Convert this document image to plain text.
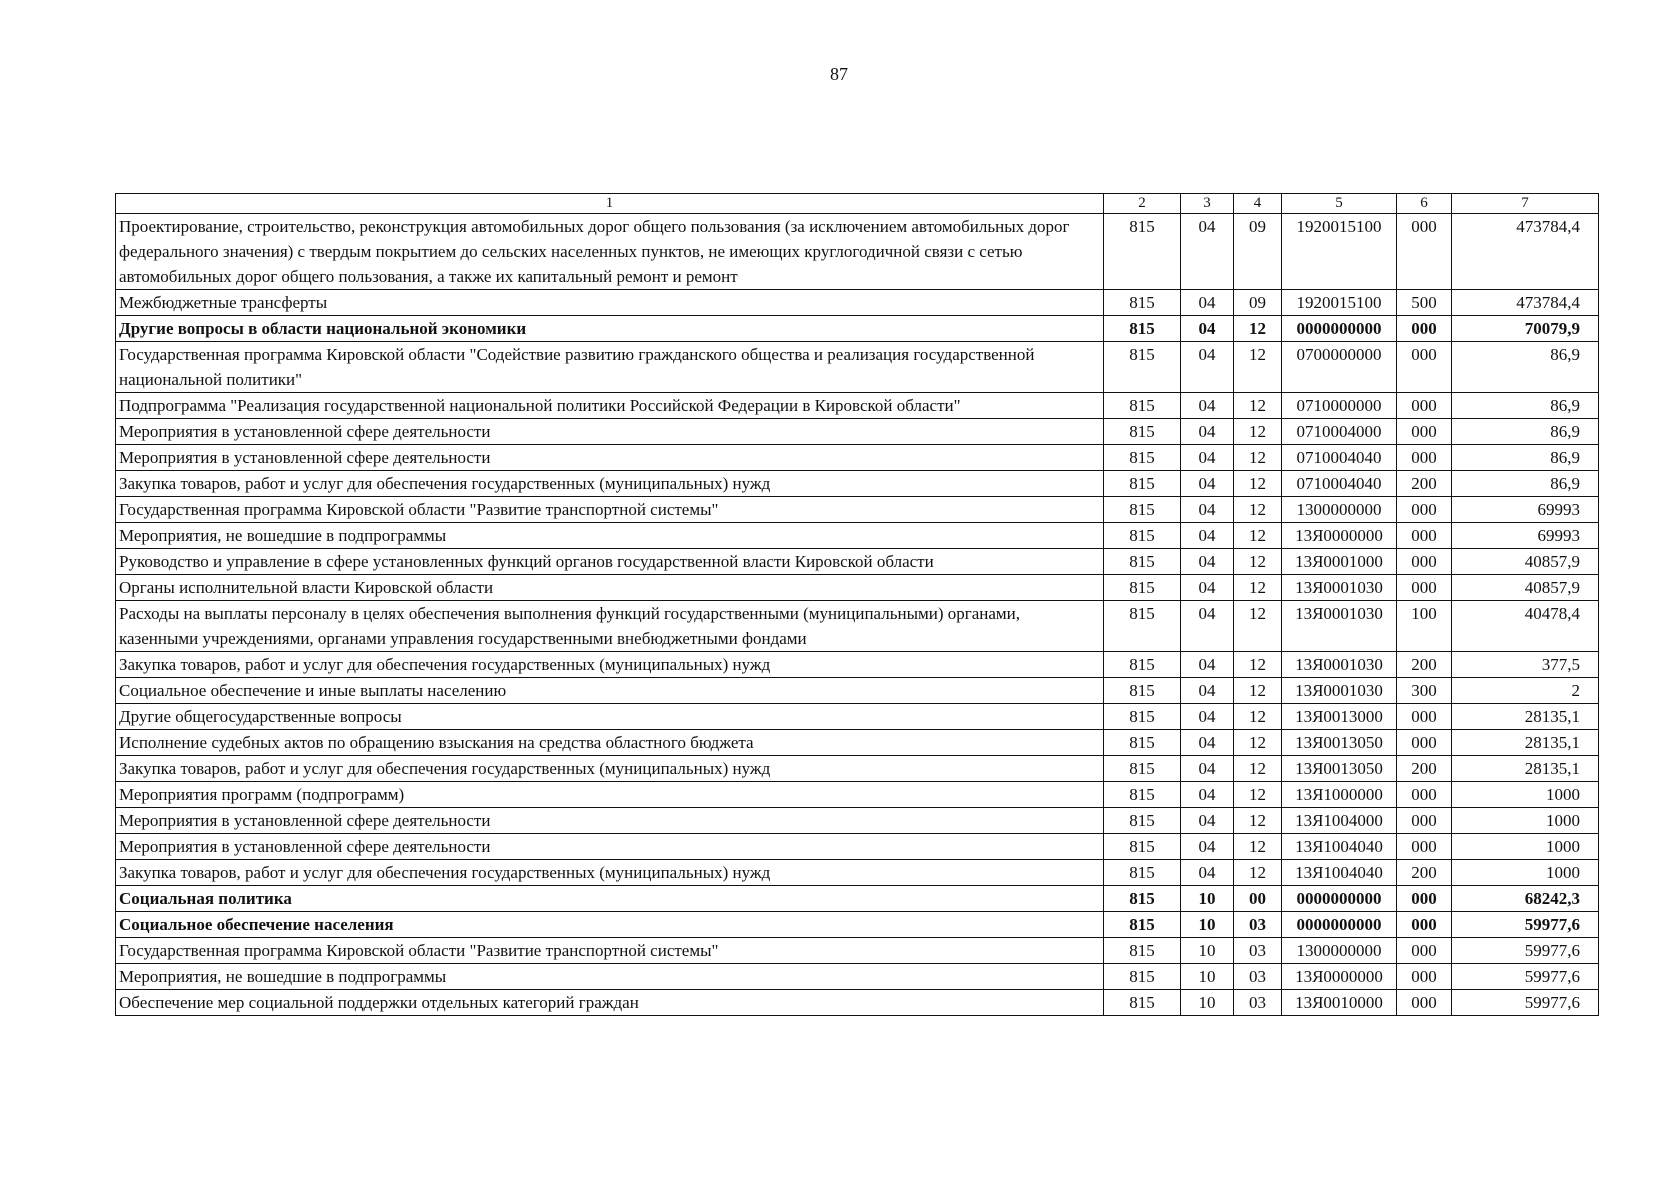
87
1	2	3	4	5	6	7
Проектирование, строительство, реконструкция автомобильных дорог общего пользования (за исключением автомобильных дорог федерального значения) с твердым покрытием до сельских населенных пунктов, не имеющих круглогодичной связи с сетью автомобильных дорог общего пользования, а также их капитальный ремонт и ремонт	815	04	09	1920015100	000	473784,4
Межбюджетные трансферты	815	04	09	1920015100	500	473784,4
Другие вопросы в области национальной экономики	815	04	12	0000000000	000	70079,9
Государственная программа Кировской области "Содействие развитию гражданского общества и реализация государственной национальной политики"	815	04	12	0700000000	000	86,9
Подпрограмма "Реализация государственной национальной политики Российской Федерации в Кировской области"	815	04	12	0710000000	000	86,9
Мероприятия в установленной сфере деятельности	815	04	12	0710004000	000	86,9
Мероприятия в установленной сфере деятельности	815	04	12	0710004040	000	86,9
Закупка товаров, работ и услуг для обеспечения государственных (муниципальных) нужд	815	04	12	0710004040	200	86,9
Государственная программа Кировской области "Развитие транспортной системы"	815	04	12	1300000000	000	69993
Мероприятия, не вошедшие в подпрограммы	815	04	12	13Я0000000	000	69993
Руководство и управление в сфере установленных функций органов государственной власти Кировской области	815	04	12	13Я0001000	000	40857,9
Органы исполнительной власти Кировской области	815	04	12	13Я0001030	000	40857,9
Расходы на выплаты персоналу в целях обеспечения выполнения функций государственными (муниципальными) органами, казенными учреждениями, органами управления государственными внебюджетными фондами	815	04	12	13Я0001030	100	40478,4
Закупка товаров, работ и услуг для обеспечения государственных (муниципальных) нужд	815	04	12	13Я0001030	200	377,5
Социальное обеспечение и иные выплаты населению	815	04	12	13Я0001030	300	2
Другие общегосударственные вопросы	815	04	12	13Я0013000	000	28135,1
Исполнение судебных актов по обращению взыскания на средства областного бюджета	815	04	12	13Я0013050	000	28135,1
Закупка товаров, работ и услуг для обеспечения государственных (муниципальных) нужд	815	04	12	13Я0013050	200	28135,1
Мероприятия программ (подпрограмм)	815	04	12	13Я1000000	000	1000
Мероприятия в установленной сфере деятельности	815	04	12	13Я1004000	000	1000
Мероприятия в установленной сфере деятельности	815	04	12	13Я1004040	000	1000
Закупка товаров, работ и услуг для обеспечения государственных (муниципальных) нужд	815	04	12	13Я1004040	200	1000
Социальная политика	815	10	00	0000000000	000	68242,3
Социальное обеспечение населения	815	10	03	0000000000	000	59977,6
Государственная программа Кировской области "Развитие транспортной системы"	815	10	03	1300000000	000	59977,6
Мероприятия, не вошедшие в подпрограммы	815	10	03	13Я0000000	000	59977,6
Обеспечение мер социальной поддержки отдельных категорий граждан	815	10	03	13Я0010000	000	59977,6
